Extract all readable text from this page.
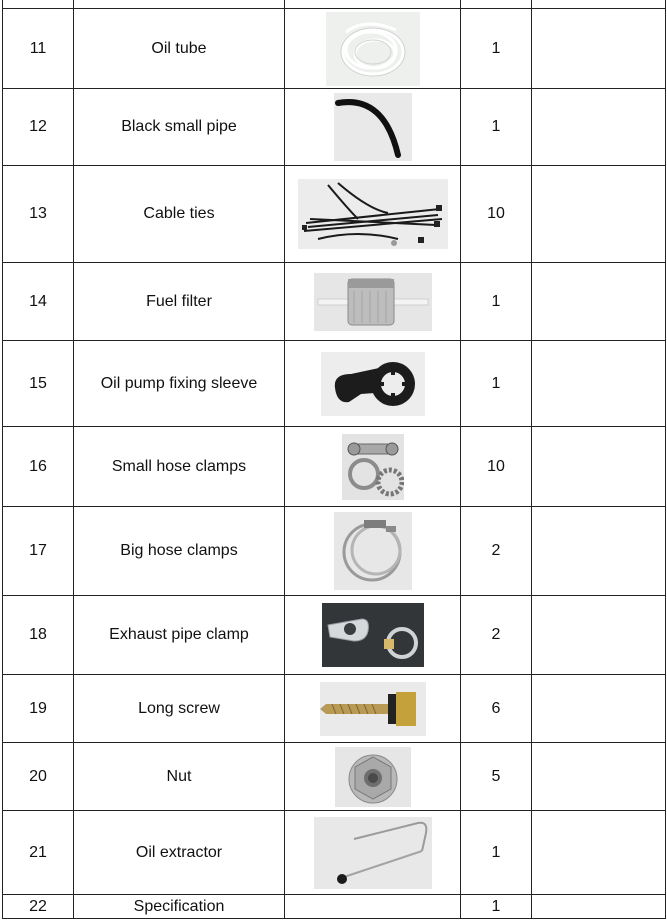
11	Oil tube		1	
12	Black small pipe		1	
13	Cable ties		10	
14	Fuel filter		1	
15	Oil pump fixing sleeve		1	
16	Small hose clamps		10	
17	Big hose clamps		2	
18	Exhaust pipe clamp		2	
19	Long screw		6	
20	Nut		5	
21	Oil extractor		1	
22	Specification		1	
